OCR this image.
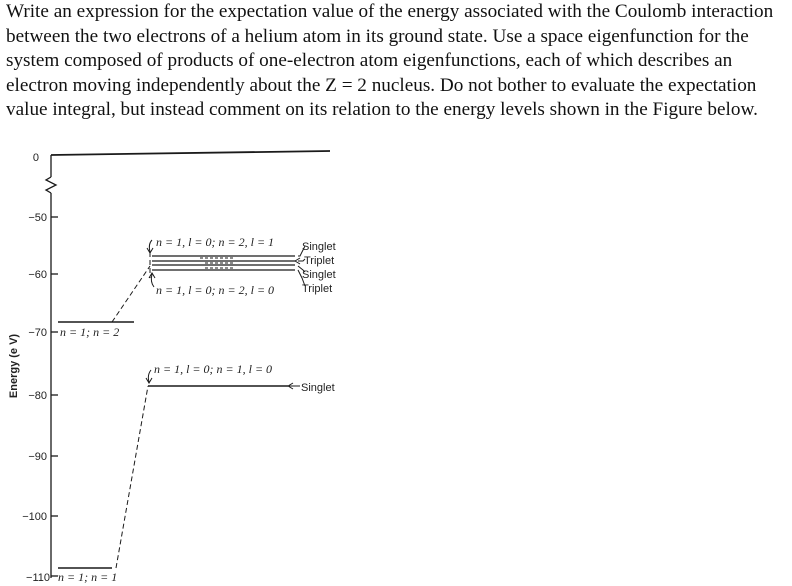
Write an expression for the expectation value of the energy associated with the Coulomb interaction between the two electrons of a helium atom in its ground state. Use a space eigenfunction for the system composed of products of one-electron atom eigenfunctions, each of which describes an electron moving independently about the Z = 2 nucleus. Do not bother to evaluate the expectation value integral, but instead comment on its relation to the energy levels shown in the Figure below.

0
−50
−60
−70
−80
−90
−100
−110
Energy (e V)
n = 1; n = 2
n = 1; n = 1
n = 1, l = 0; n = 2, l = 1
n = 1, l = 0; n = 2, l = 0
n = 1, l = 0; n = 1, l = 0
Singlet
Triplet
Singlet
Triplet
Singlet
